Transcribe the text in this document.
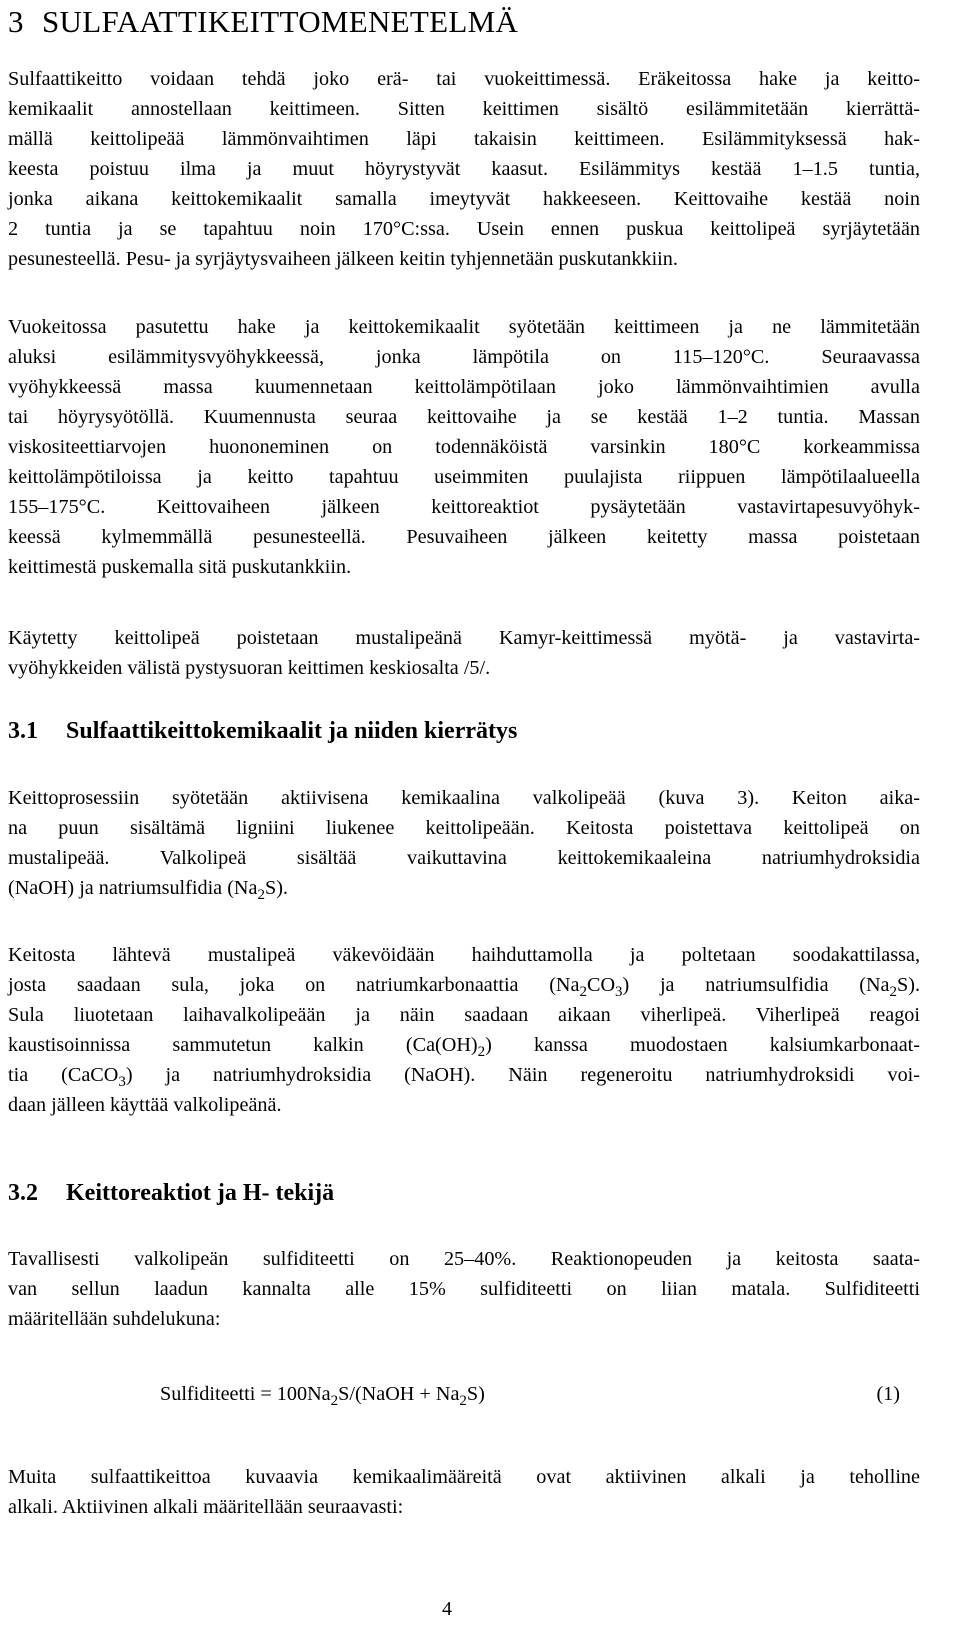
3 SULFAATTIKEITTOMENETELMÄ
Sulfaattikeitto voidaan tehdä joko erä- tai vuokeittimessä. Eräkeitossa hake ja keitto-
kemikaalit annostellaan keittimeen. Sitten keittimen sisältö esilämmitetään kierrättä-
mällä keittolipeää lämmönvaihtimen läpi takaisin keittimeen. Esilämmityksessä hak-
keesta poistuu ilma ja muut höyrystyvät kaasut. Esilämmitys kestää 1–1.5 tuntia,
jonka aikana keittokemikaalit samalla imeytyvät hakkeeseen. Keittovaihe kestää noin
2 tuntia ja se tapahtuu noin 170°C:ssa. Usein ennen puskua keittolipeä syrjäytetään
pesunesteellä. Pesu- ja syrjäytysvaiheen jälkeen keitin tyhjennetään puskutankkiin.
Vuokeitossa pasutettu hake ja keittokemikaalit syötetään keittimeen ja ne lämmitetään
aluksi esilämmitysvyöhykkeessä, jonka lämpötila on 115–120°C. Seuraavassa
vyöhykkeessä massa kuumennetaan keittolämpötilaan joko lämmönvaihtimien avulla
tai höyrysyötöllä. Kuumennusta seuraa keittovaihe ja se kestää 1–2 tuntia. Massan
viskositeettiarvojen huononeminen on todennäköistä varsinkin 180°C korkeammissa
keittolämpötiloissa ja keitto tapahtuu useimmiten puulajista riippuen lämpötilaalueella
155–175°C. Keittovaiheen jälkeen keittoreaktiot pysäytetään vastavirtapesuvyöhyk-
keessä kylmemmällä pesunesteellä. Pesuvaiheen jälkeen keitetty massa poistetaan
keittimestä puskemalla sitä puskutankkiin.
Käytetty keittolipeä poistetaan mustalipeänä Kamyr-keittimessä myötä- ja vastavirta-
vyöhykkeiden välistä pystysuoran keittimen keskiosalta /5/.
3.1 Sulfaattikeittokemikaalit ja niiden kierrätys
Keittoprosessiin syötetään aktiivisena kemikaalina valkolipeää (kuva 3). Keiton aika-
na puun sisältämä ligniini liukenee keittolipeään. Keitosta poistettava keittolipeä on
mustalipeää. Valkolipeä sisältää vaikuttavina keittokemikaaleina natriumhydroksidia
(NaOH) ja natriumsulfidia $(Na_2S)$.
Keitosta lähtevä mustalipeä väkevöidään haihduttamolla ja poltetaan soodakattilassa,
josta saadaan sula, joka on natriumkarbonaattia $(Na_2CO_3)$ ja natriumsulfidia $(Na_2S)$.
Sula liuotetaan laihavalkolipeään ja näin saadaan aikaan viherlipeä. Viherlipeä reagoi
kaustisoinnissa sammutetun kalkin $(Ca(OH)_2)$ kanssa muodostaen kalsiumkarbonaat-
tia (CaCO$_3$) ja natriumhydroksidia (NaOH). Näin regeneroitu natriumhydroksidi voi-
daan jälleen käyttää valkolipeänä.
3.2 Keittoreaktiot ja H- tekijä
Tavallisesti valkolipeän sulfiditeetti on 25–40%. Reaktionopeuden ja keitosta saata-
van sellun laadun kannalta alle 15% sulfiditeetti on liian matala. Sulfiditeetti
määritellään suhdelukuna:
Sulfiditeetti = $100Na_2S/(NaOH + Na_2S)$	(1)
Muita sulfaattikeittoa kuvaavia kemikaalimääreitä ovat aktiivinen alkali ja teholline
alkali. Aktiivinen alkali määritellään seuraavasti:
4
